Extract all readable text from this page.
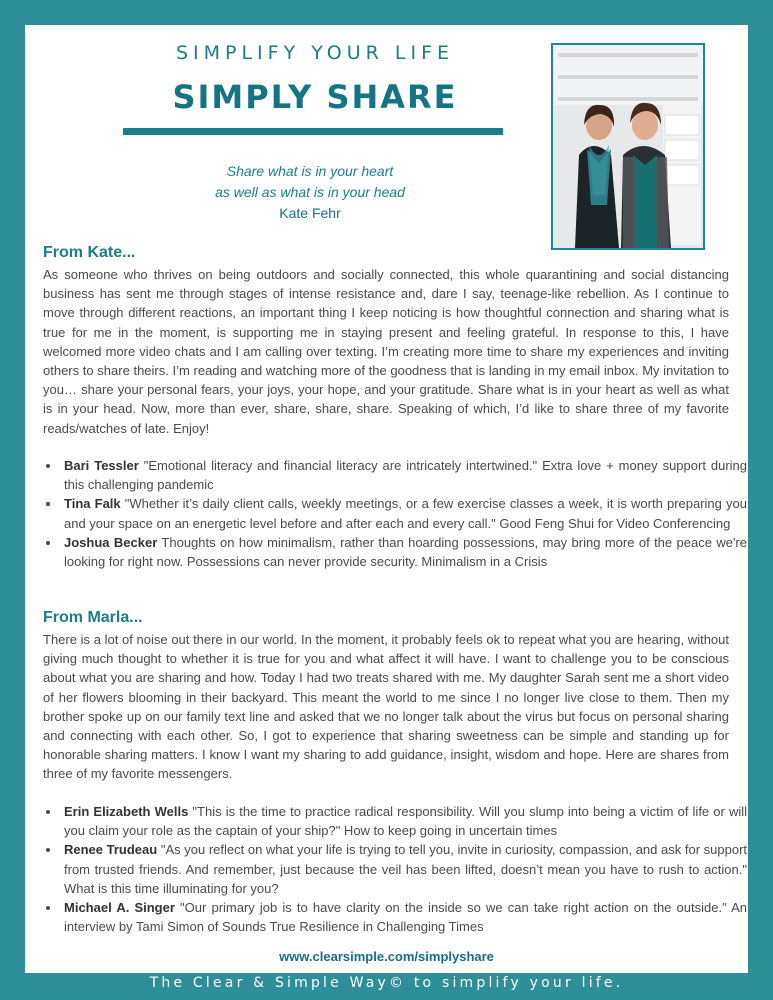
SIMPLIFY YOUR LIFE
SIMPLY SHARE
Share what is in your heart
as well as what is in your head
Kate Fehr
From Kate...

As someone who thrives on being outdoors and socially connected, this whole quarantining and social distancing business has sent me through stages of intense resistance and, dare I say, teenage-like rebellion. As I continue to move through different reactions, an important thing I keep noticing is how thoughtful connection and sharing what is true for me in the moment, is supporting me in staying present and feeling grateful. In response to this, I have welcomed more video chats and I am calling over texting. I’m creating more time to share my experiences and inviting others to share theirs. I’m reading and watching more of the goodness that is landing in my email inbox. My invitation to you… share your personal fears, your joys, your hope, and your gratitude. Share what is in your heart as well as what is in your head. Now, more than ever, share, share, share. Speaking of which, I’d like to share three of my favorite reads/watches of late. Enjoy!

• Bari Tessler "Emotional literacy and financial literacy are intricately intertwined." Extra love + money support during this challenging pandemic
• Tina Falk "Whether it’s daily client calls, weekly meetings, or a few exercise classes a week, it is worth preparing you and your space on an energetic level before and after each and every call." Good Feng Shui for Video Conferencing
• Joshua Becker Thoughts on how minimalism, rather than hoarding possessions, may bring more of the peace we're looking for right now. Possessions can never provide security. Minimalism in a Crisis
From Marla...

There is a lot of noise out there in our world. In the moment, it probably feels ok to repeat what you are hearing, without giving much thought to whether it is true for you and what affect it will have. I want to challenge you to be conscious about what you are sharing and how. Today I had two treats shared with me. My daughter Sarah sent me a short video of her flowers blooming in their backyard. This meant the world to me since I no longer live close to them. Then my brother spoke up on our family text line and asked that we no longer talk about the virus but focus on personal sharing and connecting with each other. So, I got to experience that sharing sweetness can be simple and standing up for honorable sharing matters. I know I want my sharing to add guidance, insight, wisdom and hope. Here are shares from three of my favorite messengers.

• Erin Elizabeth Wells "This is the time to practice radical responsibility. Will you slump into being a victim of life or will you claim your role as the captain of your ship?" How to keep going in uncertain times
• Renee Trudeau "As you reflect on what your life is trying to tell you, invite in curiosity, compassion, and ask for support from trusted friends. And remember, just because the veil has been lifted, doesn’t mean you have to rush to action." What is this time illuminating for you?
• Michael A. Singer "Our primary job is to have clarity on the inside so we can take right action on the outside." An interview by Tami Simon of Sounds True Resilience in Challenging Times
www.clearsimple.com/simplyshare
The Clear & Simple Way© to simplify your life.
